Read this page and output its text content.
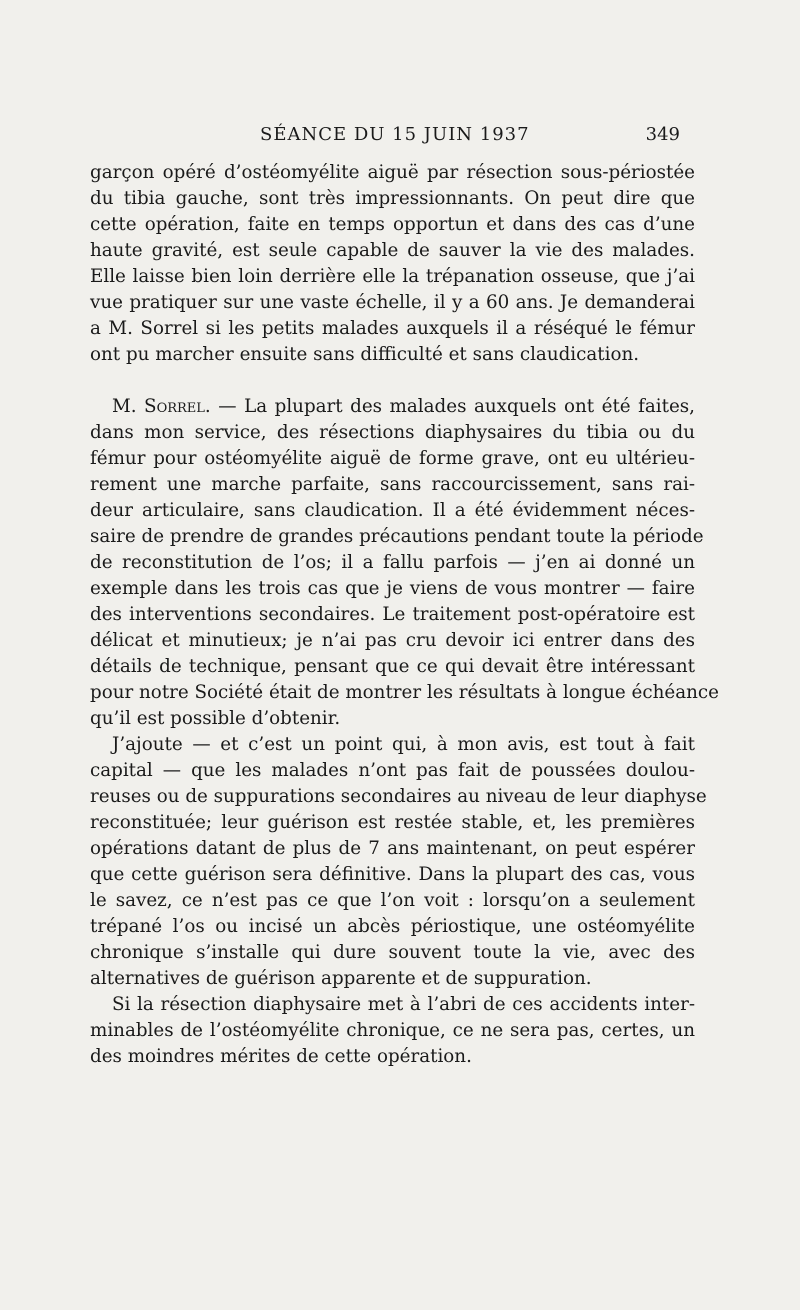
SÉANCE DU 15 JUIN 1937	349
garçon opéré d’ostéomyélite aiguë par résection sous-périostée
du tibia gauche, sont très impressionnants. On peut dire que
cette opération, faite en temps opportun et dans des cas d’une
haute gravité, est seule capable de sauver la vie des malades.
Elle laisse bien loin derrière elle la trépanation osseuse, que j’ai
vue pratiquer sur une vaste échelle, il y a 60 ans. Je demanderai
a M. Sorrel si les petits malades auxquels il a réséqué le fémur
ont pu marcher ensuite sans difficulté et sans claudication.
M. Sorrel. — La plupart des malades auxquels ont été faites,
dans mon service, des résections diaphysaires du tibia ou du
fémur pour ostéomyélite aiguë de forme grave, ont eu ultérieu-
rement une marche parfaite, sans raccourcissement, sans rai-
deur articulaire, sans claudication. Il a été évidemment néces-
saire de prendre de grandes précautions pendant toute la période
de reconstitution de l’os; il a fallu parfois — j’en ai donné un
exemple dans les trois cas que je viens de vous montrer — faire
des interventions secondaires. Le traitement post-opératoire est
délicat et minutieux; je n’ai pas cru devoir ici entrer dans des
détails de technique, pensant que ce qui devait être intéressant
pour notre Société était de montrer les résultats à longue échéance
qu’il est possible d’obtenir.
J’ajoute — et c’est un point qui, à mon avis, est tout à fait
capital — que les malades n’ont pas fait de poussées doulou-
reuses ou de suppurations secondaires au niveau de leur diaphyse
reconstituée; leur guérison est restée stable, et, les premières
opérations datant de plus de 7 ans maintenant, on peut espérer
que cette guérison sera définitive. Dans la plupart des cas, vous
le savez, ce n’est pas ce que l’on voit : lorsqu’on a seulement
trépané l’os ou incisé un abcès périostique, une ostéomyélite
chronique s’installe qui dure souvent toute la vie, avec des
alternatives de guérison apparente et de suppuration.
Si la résection diaphysaire met à l’abri de ces accidents inter-
minables de l’ostéomyélite chronique, ce ne sera pas, certes, un
des moindres mérites de cette opération.
